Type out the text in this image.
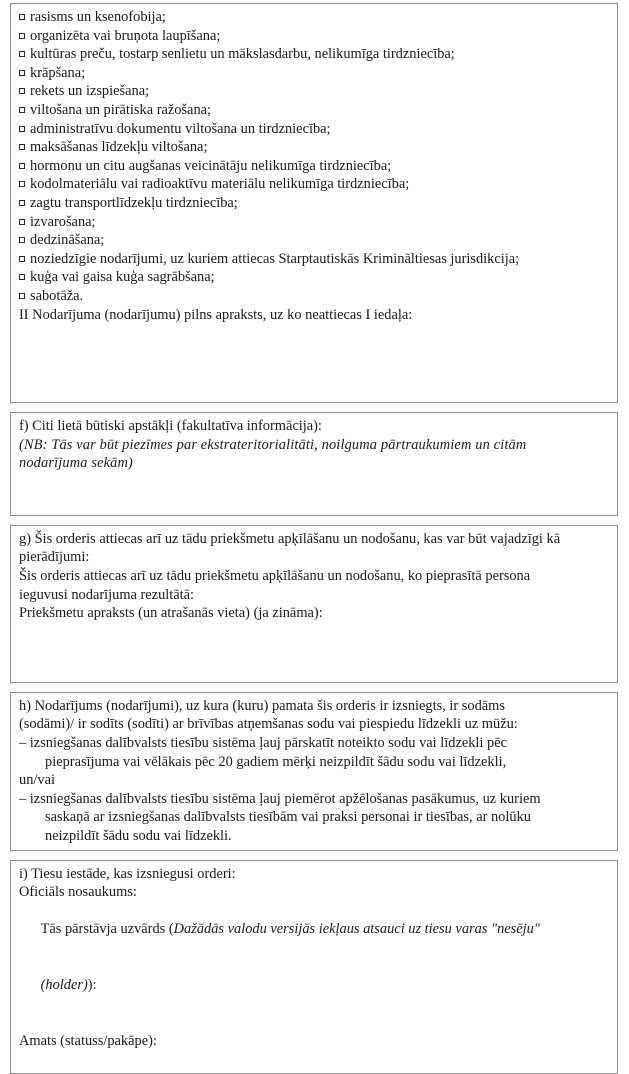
rasisms un ksenofobija;
organizēta vai bruņota laupīšana;
kultūras preču, tostarp senlietu un mākslasdarbu, nelikumīga tirdzniecība;
krāpšana;
rekets un izspiešana;
viltošana un pirātiska ražošana;
administratīvu dokumentu viltošana un tirdzniecība;
maksāšanas līdzekļu viltošana;
hormonu un citu augšanas veicinātāju nelikumīga tirdzniecība;
kodolmateriālu vai radioaktīvu materiālu nelikumīga tirdzniecība;
zagtu transportlīdzekļu tirdzniecība;
izvarošana;
dedzināšana;
noziedzīgie nodarījumi, uz kuriem attiecas Starptautiskās Krimināltiesas jurisdikcija;
kuģa vai gaisa kuģa sagrābšana;
sabotāža.
II Nodarījuma (nodarījumu) pilns apraksts, uz ko neattiecas I iedaļa:
f) Citi lietā būtiski apstākļi (fakultatīva informācija):
(NB: Tās var būt piezīmes par ekstrateritorialitāti, noilguma pārtraukumiem un citām
nodarījuma sekām)
g) Šis orderis attiecas arī uz tādu priekšmetu apķīlāšanu un nodošanu, kas var būt vajadzīgi kā
pierādījumi:
Šis orderis attiecas arī uz tādu priekšmetu apķīlāšanu un nodošanu, ko pieprasītā persona
ieguvusi nodarījuma rezultātā:
Priekšmetu apraksts (un atrašanās vieta) (ja zināma):
h) Nodarījums (nodarījumi), uz kura (kuru) pamata šis orderis ir izsniegts, ir sodāms
(sodāmi)/ ir sodīts (sodīti) ar brīvības atņemšanas sodu vai piespiedu līdzekli uz mūžu:
– izsniegšanas dalībvalsts tiesību sistēma ļauj pārskatīt noteikto sodu vai līdzekli pēc
pieprasījuma vai vēlākais pēc 20 gadiem mērķi neizpildīt šādu sodu vai līdzekli,
un/vai
– izsniegšanas dalībvalsts tiesību sistēma ļauj piemērot apžēlošanas pasākumus, uz kuriem
saskaņā ar izsniegšanas dalībvalsts tiesībām vai praksi personai ir tiesības, ar nolūku
neizpildīt šādu sodu vai līdzekli.
i) Tiesu iestāde, kas izsniegusi orderi:
Oficiāls nosaukums:

Tās pārstāvja uzvārds (Dažādās valodu versijās iekļaus atsauci uz tiesu varas "nesēju"

(holder)):

Amats (statuss/pakāpe):
